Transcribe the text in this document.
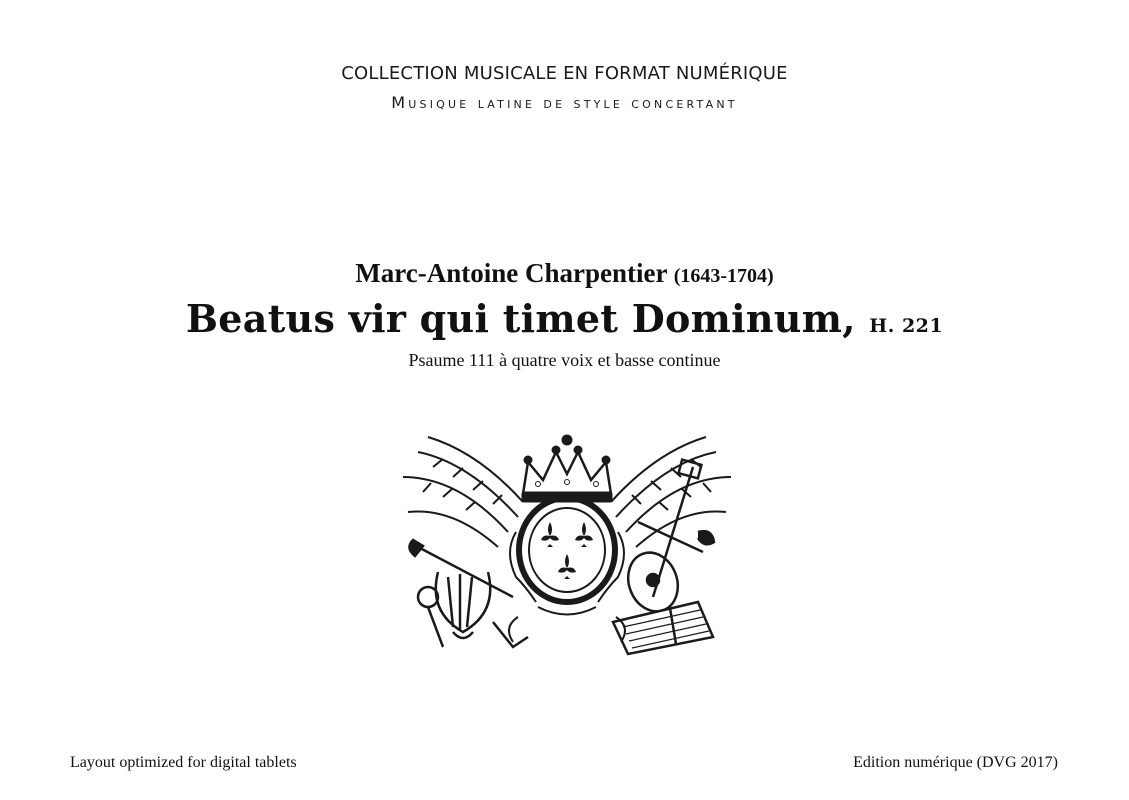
COLLECTION MUSICALE EN FORMAT NUMÉRIQUE
Musique latine de style concertant
Marc-Antoine Charpentier (1643-1704)
Beatus vir qui timet Dominum, H. 221
Psaume 111 à quatre voix et basse continue
Layout optimized for digital tablets	Edition numérique (DVG 2017)
